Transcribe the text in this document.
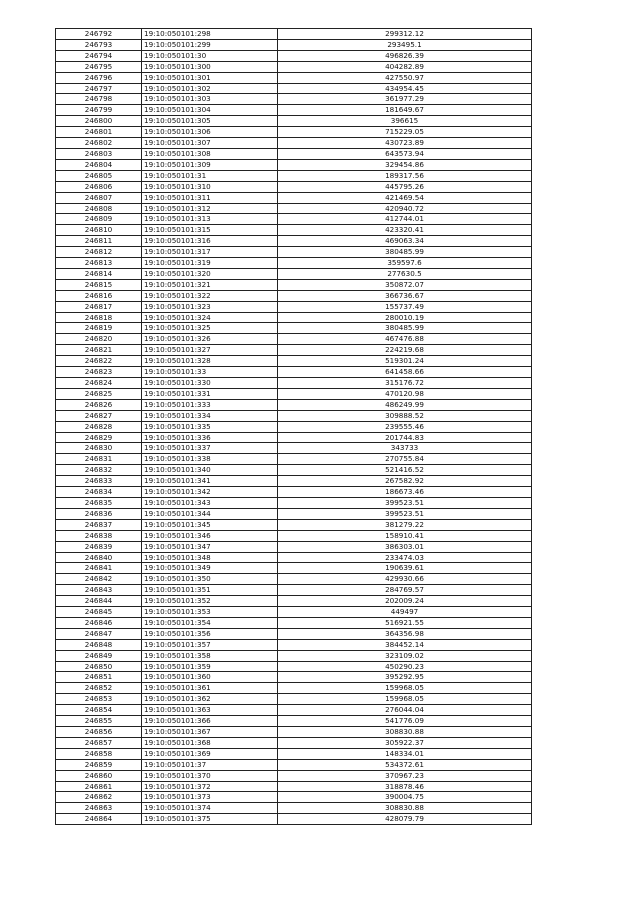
246792	19:10:050101:298	299312.12
246793	19:10:050101:299	293495.1
246794	19:10:050101:30	496826.39
246795	19:10:050101:300	404282.89
246796	19:10:050101:301	427550.97
246797	19:10:050101:302	434954.45
246798	19:10:050101:303	361977.29
246799	19:10:050101:304	181649.67
246800	19:10:050101:305	396615
246801	19:10:050101:306	715229.05
246802	19:10:050101:307	430723.89
246803	19:10:050101:308	643573.94
246804	19:10:050101:309	329454.86
246805	19:10:050101:31	189317.56
246806	19:10:050101:310	445795.26
246807	19:10:050101:311	421469.54
246808	19:10:050101:312	420940.72
246809	19:10:050101:313	412744.01
246810	19:10:050101:315	423320.41
246811	19:10:050101:316	469063.34
246812	19:10:050101:317	380485.99
246813	19:10:050101:319	359597.6
246814	19:10:050101:320	277630.5
246815	19:10:050101:321	350872.07
246816	19:10:050101:322	366736.67
246817	19:10:050101:323	155737.49
246818	19:10:050101:324	280010.19
246819	19:10:050101:325	380485.99
246820	19:10:050101:326	467476.88
246821	19:10:050101:327	224219.68
246822	19:10:050101:328	519301.24
246823	19:10:050101:33	641458.66
246824	19:10:050101:330	315176.72
246825	19:10:050101:331	470120.98
246826	19:10:050101:333	486249.99
246827	19:10:050101:334	309888.52
246828	19:10:050101:335	239555.46
246829	19:10:050101:336	201744.83
246830	19:10:050101:337	343733
246831	19:10:050101:338	270755.84
246832	19:10:050101:340	521416.52
246833	19:10:050101:341	267582.92
246834	19:10:050101:342	186673.46
246835	19:10:050101:343	399523.51
246836	19:10:050101:344	399523.51
246837	19:10:050101:345	381279.22
246838	19:10:050101:346	158910.41
246839	19:10:050101:347	386303.01
246840	19:10:050101:348	233474.03
246841	19:10:050101:349	190639.61
246842	19:10:050101:350	429930.66
246843	19:10:050101:351	284769.57
246844	19:10:050101:352	202009.24
246845	19:10:050101:353	449497
246846	19:10:050101:354	516921.55
246847	19:10:050101:356	364356.98
246848	19:10:050101:357	384452.14
246849	19:10:050101:358	323109.02
246850	19:10:050101:359	450290.23
246851	19:10:050101:360	395292.95
246852	19:10:050101:361	159968.05
246853	19:10:050101:362	159968.05
246854	19:10:050101:363	276044.04
246855	19:10:050101:366	541776.09
246856	19:10:050101:367	308830.88
246857	19:10:050101:368	305922.37
246858	19:10:050101:369	148334.01
246859	19:10:050101:37	534372.61
246860	19:10:050101:370	370967.23
246861	19:10:050101:372	318878.46
246862	19:10:050101:373	390004.75
246863	19:10:050101:374	308830.88
246864	19:10:050101:375	428079.79
